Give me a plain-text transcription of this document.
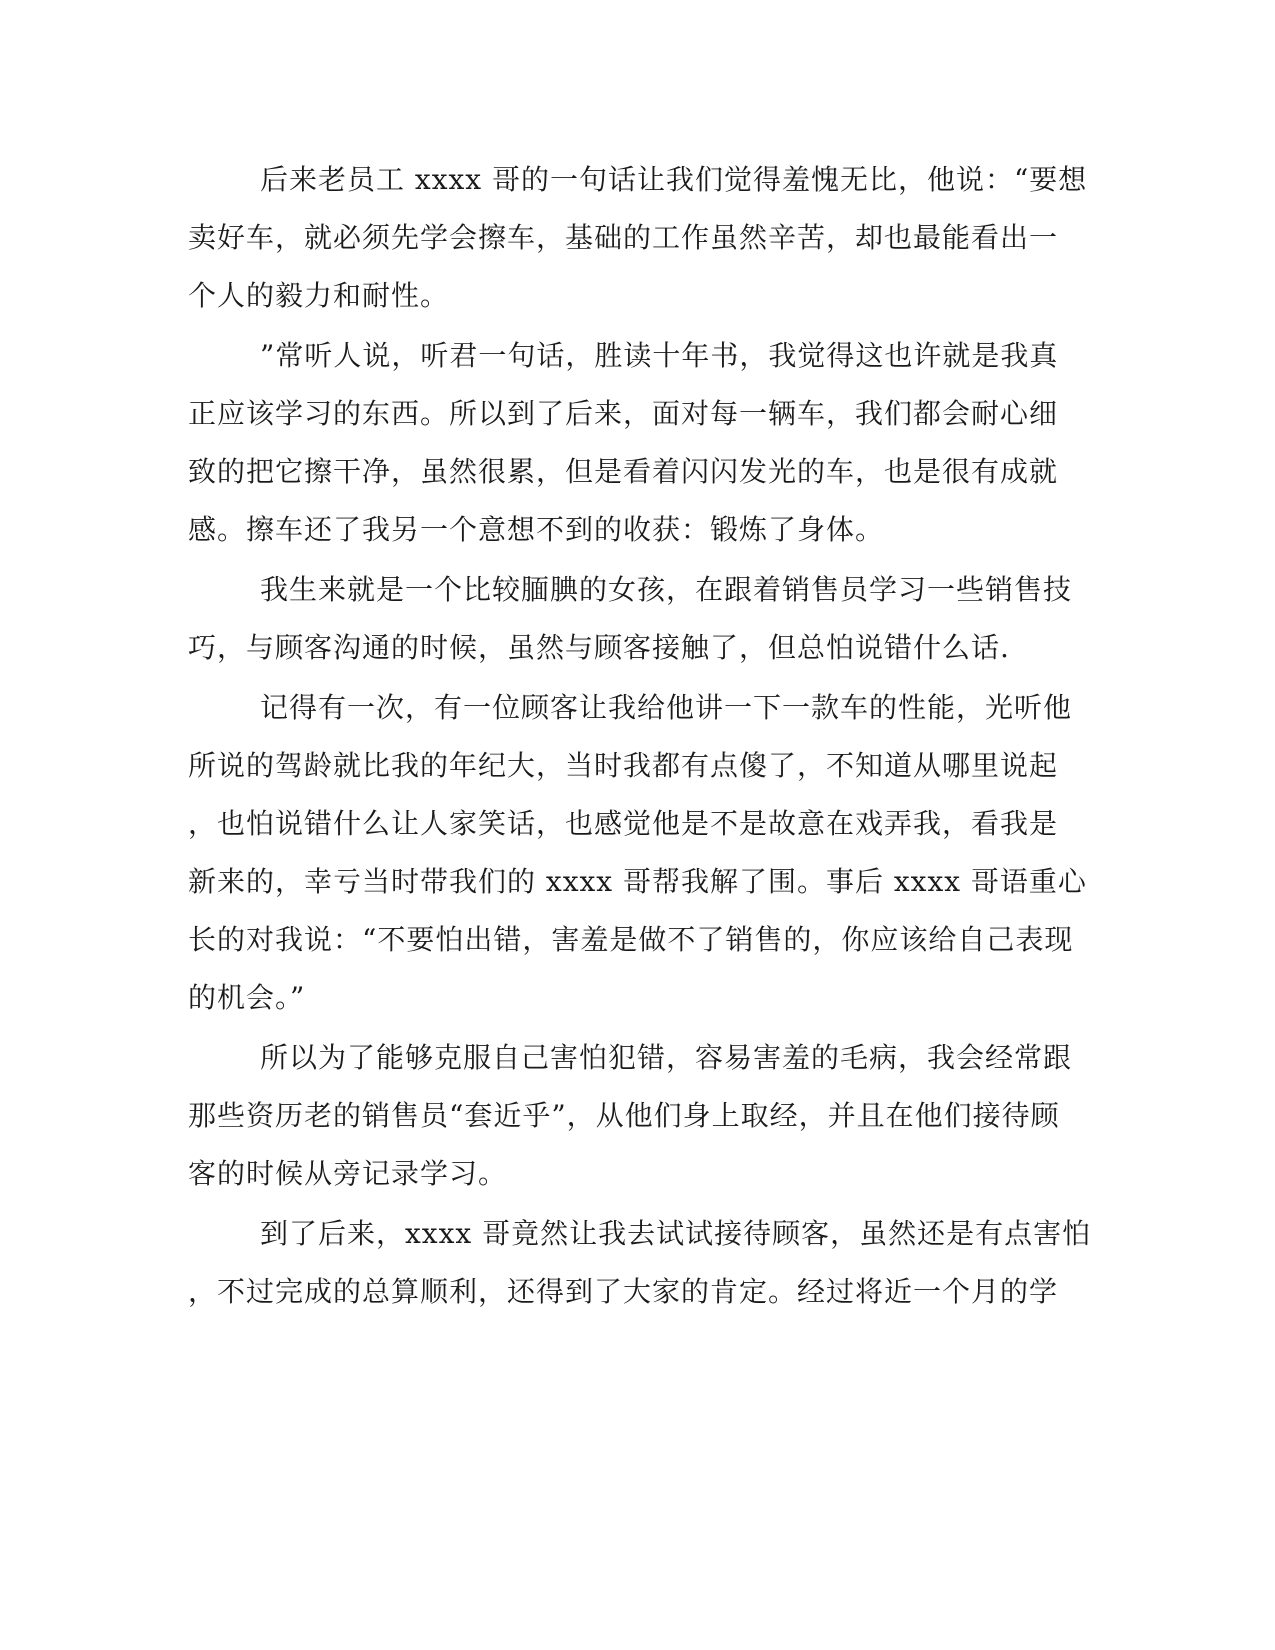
后来老员工 xxxx 哥的一句话让我们觉得羞愧无比，他说：“要想
卖好车，就必须先学会擦车，基础的工作虽然辛苦，却也最能看出一
个人的毅力和耐性。
”常听人说，听君一句话，胜读十年书，我觉得这也许就是我真
正应该学习的东西。所以到了后来，面对每一辆车，我们都会耐心细
致的把它擦干净，虽然很累，但是看着闪闪发光的车，也是很有成就
感。擦车还了我另一个意想不到的收获：锻炼了身体。
我生来就是一个比较腼腆的女孩，在跟着销售员学习一些销售技
巧，与顾客沟通的时候，虽然与顾客接触了，但总怕说错什么话.
记得有一次，有一位顾客让我给他讲一下一款车的性能，光听他
所说的驾龄就比我的年纪大，当时我都有点傻了，不知道从哪里说起
，也怕说错什么让人家笑话，也感觉他是不是故意在戏弄我，看我是
新来的，幸亏当时带我们的 xxxx 哥帮我解了围。事后 xxxx 哥语重心
长的对我说：“不要怕出错，害羞是做不了销售的，你应该给自己表现
的机会。”
所以为了能够克服自己害怕犯错，容易害羞的毛病，我会经常跟
那些资历老的销售员“套近乎”，从他们身上取经，并且在他们接待顾
客的时候从旁记录学习。
到了后来，xxxx 哥竟然让我去试试接待顾客，虽然还是有点害怕
，不过完成的总算顺利，还得到了大家的肯定。经过将近一个月的学
